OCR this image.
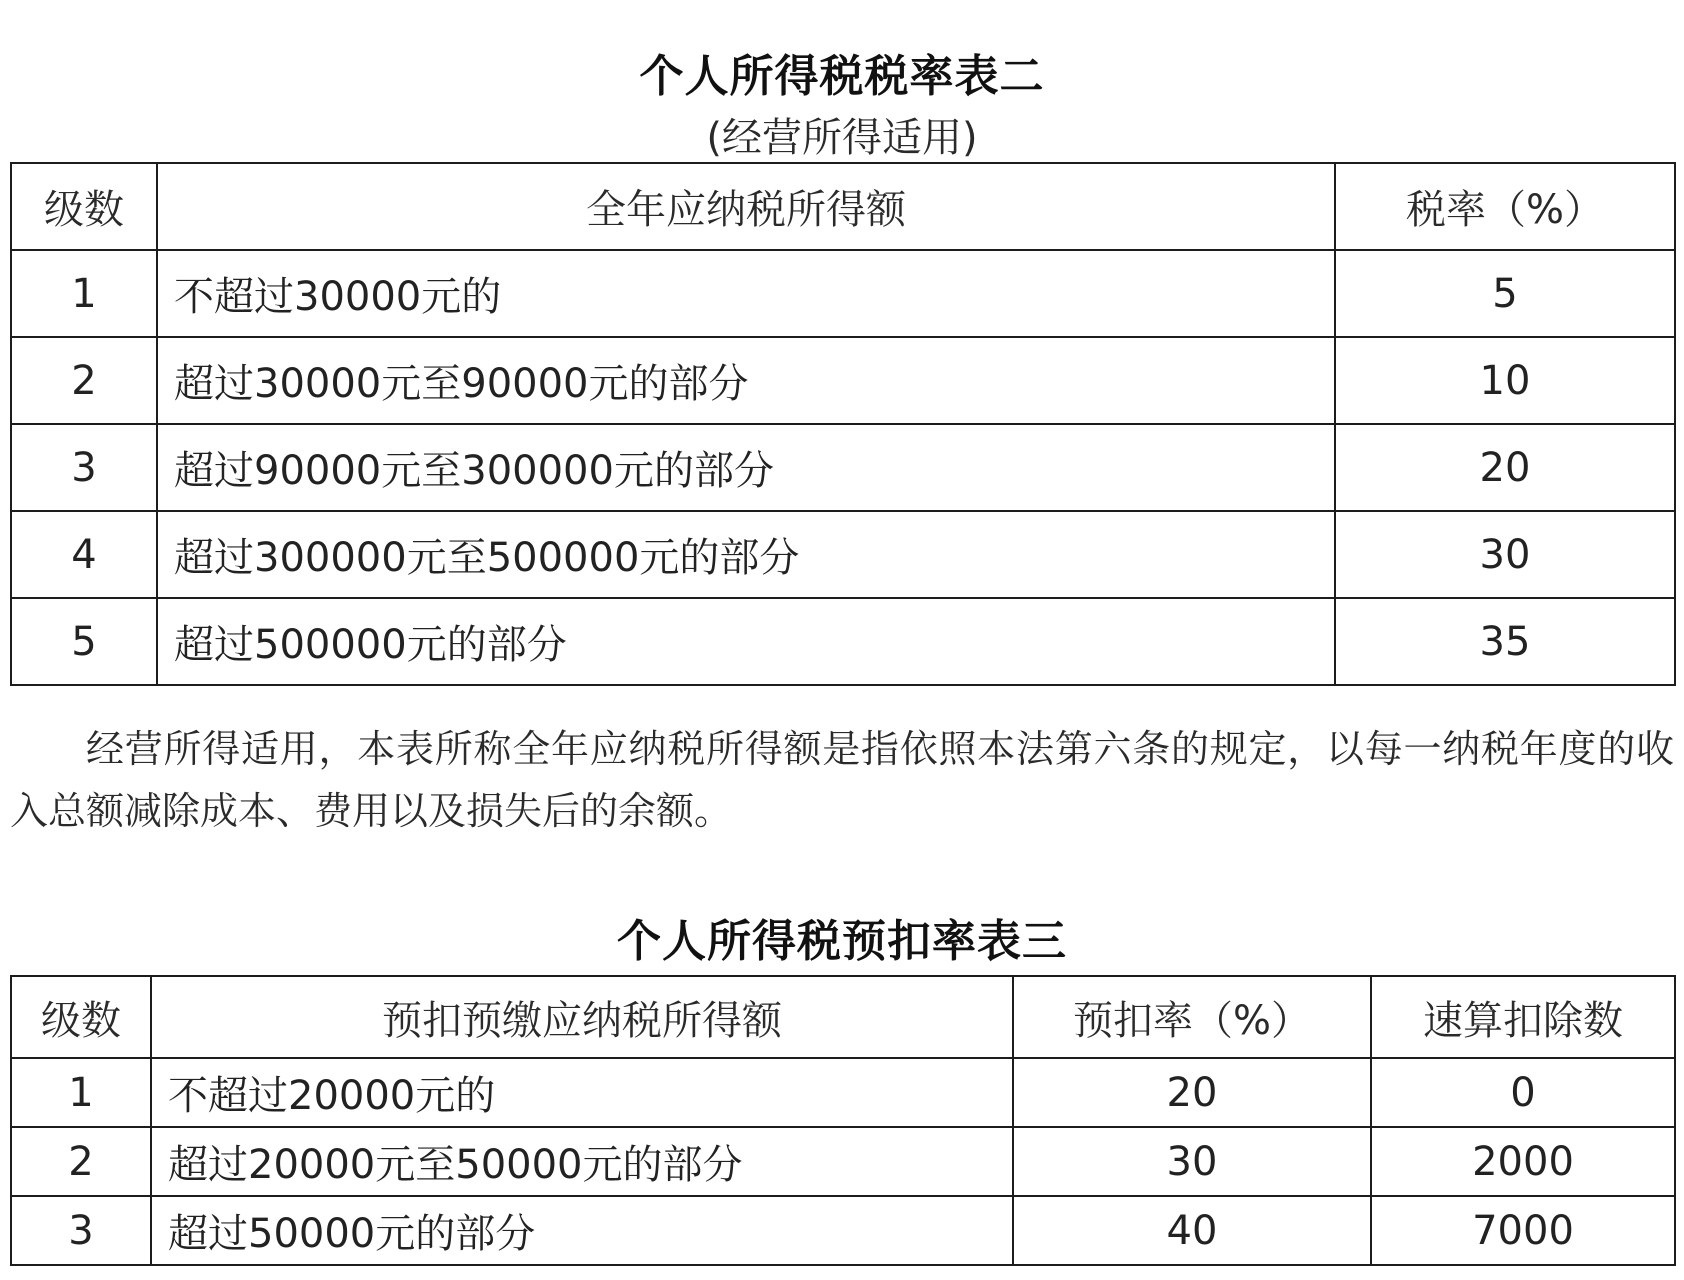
个人所得税税率表二
(经营所得适用)
级数	全年应纳税所得额	税率（%）
1	不超过30000元的	5
2	超过30000元至90000元的部分	10
3	超过90000元至300000元的部分	20
4	超过300000元至500000元的部分	30
5	超过500000元的部分	35

经营所得适用，本表所称全年应纳税所得额是指依照本法第六条的规定，以每一纳税年度的收入总额减除成本、费用以及损失后的余额。

个人所得税预扣率表三
级数	预扣预缴应纳税所得额	预扣率（%）	速算扣除数
1	不超过20000元的	20	0
2	超过20000元至50000元的部分	30	2000
3	超过50000元的部分	40	7000
